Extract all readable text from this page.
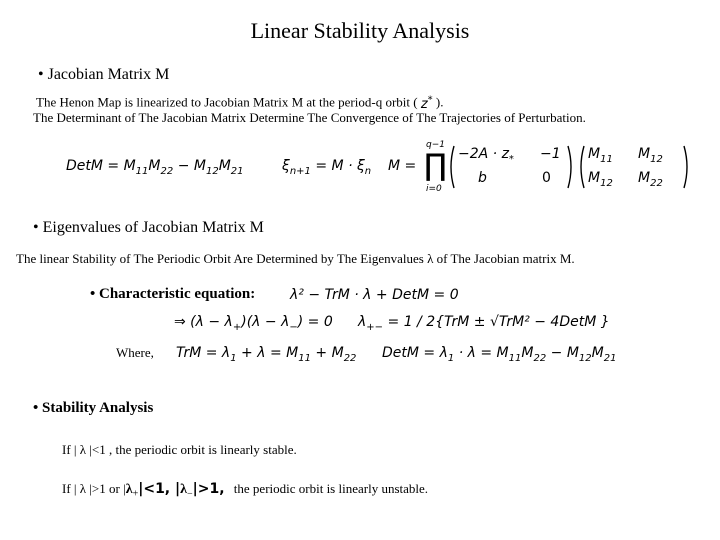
Linear Stability Analysis
• Jacobian Matrix M
The Henon Map is linearized to Jacobian Matrix M at the period-q orbit ( z* ).
The Determinant of The Jacobian Matrix Determine The Convergence of The Trajectories of Perturbation.
DetM = $M_{11}M_{22} - M_{12}M_{21}$	$\xi_{n+1} = M \cdot \xi_n$ M =
q−1
∏
i=0
$-2A \cdot z_* -1$
b	0
$M_{11}$ $M_{12}$
$M_{12}$ $M_{22}$
• Eigenvalues of Jacobian Matrix M
The linear Stability of The Periodic Orbit Are Determined by The Eigenvalues λ of The Jacobian matrix M.
• Characteristic equation: λ² − TrM · λ + DetM = 0
⇒ $(\lambda - \lambda_+)(\lambda - \lambda_-) = 0$ $\lambda_{+-} = 1 / 2\{TrM \pm √TrM^2$ − 4DetM }
Where, TrM = $\lambda_1 + \lambda = M_{11} + M_{22}$ DetM = $\lambda_1 \cdot \lambda = M_{11}M_{22} - M_{12}M_{21}$
• Stability Analysis
If | λ |<1 , the periodic orbit is linearly stable.
If | λ |>1 or $|\lambda_+|<1$, $|\lambda_-|>1$, the periodic orbit is linearly unstable.
